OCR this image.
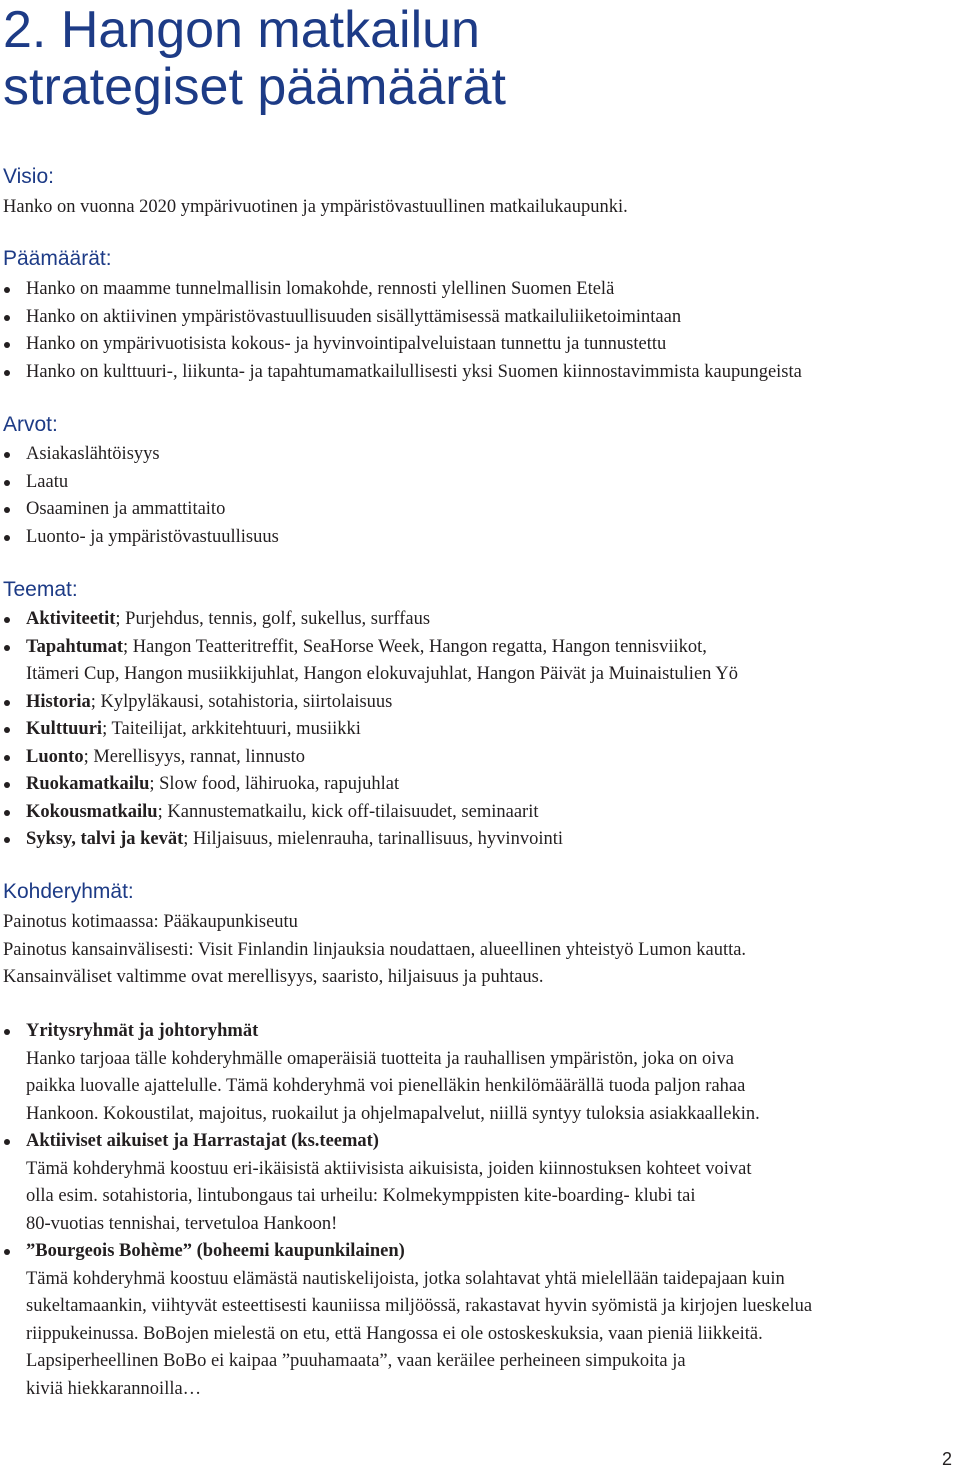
2. Hangon matkailun
strategiset päämäärät
Visio:

Hanko on vuonna 2020 ympärivuotinen ja ympäristövastuullinen matkailukaupunki.

Päämäärät:
Hanko on maamme tunnelmallisin lomakohde, rennosti ylellinen Suomen Etelä
Hanko on aktiivinen ympäristövastuullisuuden sisällyttämisessä matkailuliiketoimintaan
Hanko on ympärivuotisista kokous- ja hyvinvointipalveluistaan tunnettu ja tunnustettu
Hanko on kulttuuri-, liikunta- ja tapahtumamatkailullisesti yksi Suomen kiinnostavimmista kaupungeista
Arvot:
Asiakaslähtöisyys
Laatu
Osaaminen ja ammattitaito
Luonto- ja ympäristövastuullisuus
Teemat:
Aktiviteetit; Purjehdus, tennis, golf, sukellus, surffaus
Tapahtumat; Hangon Teatteritreffit, SeaHorse Week, Hangon regatta, Hangon tennisviikot,
Itämeri Cup, Hangon musiikkijuhlat, Hangon elokuvajuhlat, Hangon Päivät ja Muinaistulien Yö
Historia; Kylpyläkausi, sotahistoria, siirtolaisuus
Kulttuuri; Taiteilijat, arkkitehtuuri, musiikki
Luonto; Merellisyys, rannat, linnusto
Ruokamatkailu; Slow food, lähiruoka, rapujuhlat
Kokousmatkailu; Kannustematkailu, kick off-tilaisuudet, seminaarit
Syksy, talvi ja kevät; Hiljaisuus, mielenrauha, tarinallisuus, hyvinvointi
Kohderyhmät:

Painotus kotimaassa: Pääkaupunkiseutu

Painotus kansainvälisesti: Visit Finlandin linjauksia noudattaen, alueellinen yhteistyö Lumon kautta.

Kansainväliset valtimme ovat merellisyys, saaristo, hiljaisuus ja puhtaus.

Yritysryhmät ja johtoryhmät
Hanko tarjoaa tälle kohderyhmälle omaperäisiä tuotteita ja rauhallisen ympäristön, joka on oiva
paikka luovalle ajattelulle. Tämä kohderyhmä voi pienelläkin henkilömäärällä tuoda paljon rahaa
Hankoon. Kokoustilat, majoitus, ruokailut ja ohjelmapalvelut, niillä syntyy tuloksia asiakkaallekin.
Aktiiviset aikuiset ja Harrastajat (ks.teemat)
Tämä kohderyhmä koostuu eri-ikäisistä aktiivisista aikuisista, joiden kiinnostuksen kohteet voivat
olla esim. sotahistoria, lintubongaus tai urheilu: Kolmekymppisten kite-boarding- klubi tai
80-vuotias tennishai, tervetuloa Hankoon!
”Bourgeois Bohème” (boheemi kaupunkilainen)
Tämä kohderyhmä koostuu elämästä nautiskelijoista, jotka solahtavat yhtä mielellään taidepajaan kuin
sukeltamaankin, viihtyvät esteettisesti kauniissa miljöössä, rakastavat hyvin syömistä ja kirjojen lueskelua
riippukeinussa. BoBojen mielestä on etu, että Hangossa ei ole ostoskeskuksia, vaan pieniä liikkeitä.
Lapsiperheellinen BoBo ei kaipaa ”puuhamaata”, vaan keräilee perheineen simpukoita ja
kiviä hiekkarannoilla…
2
